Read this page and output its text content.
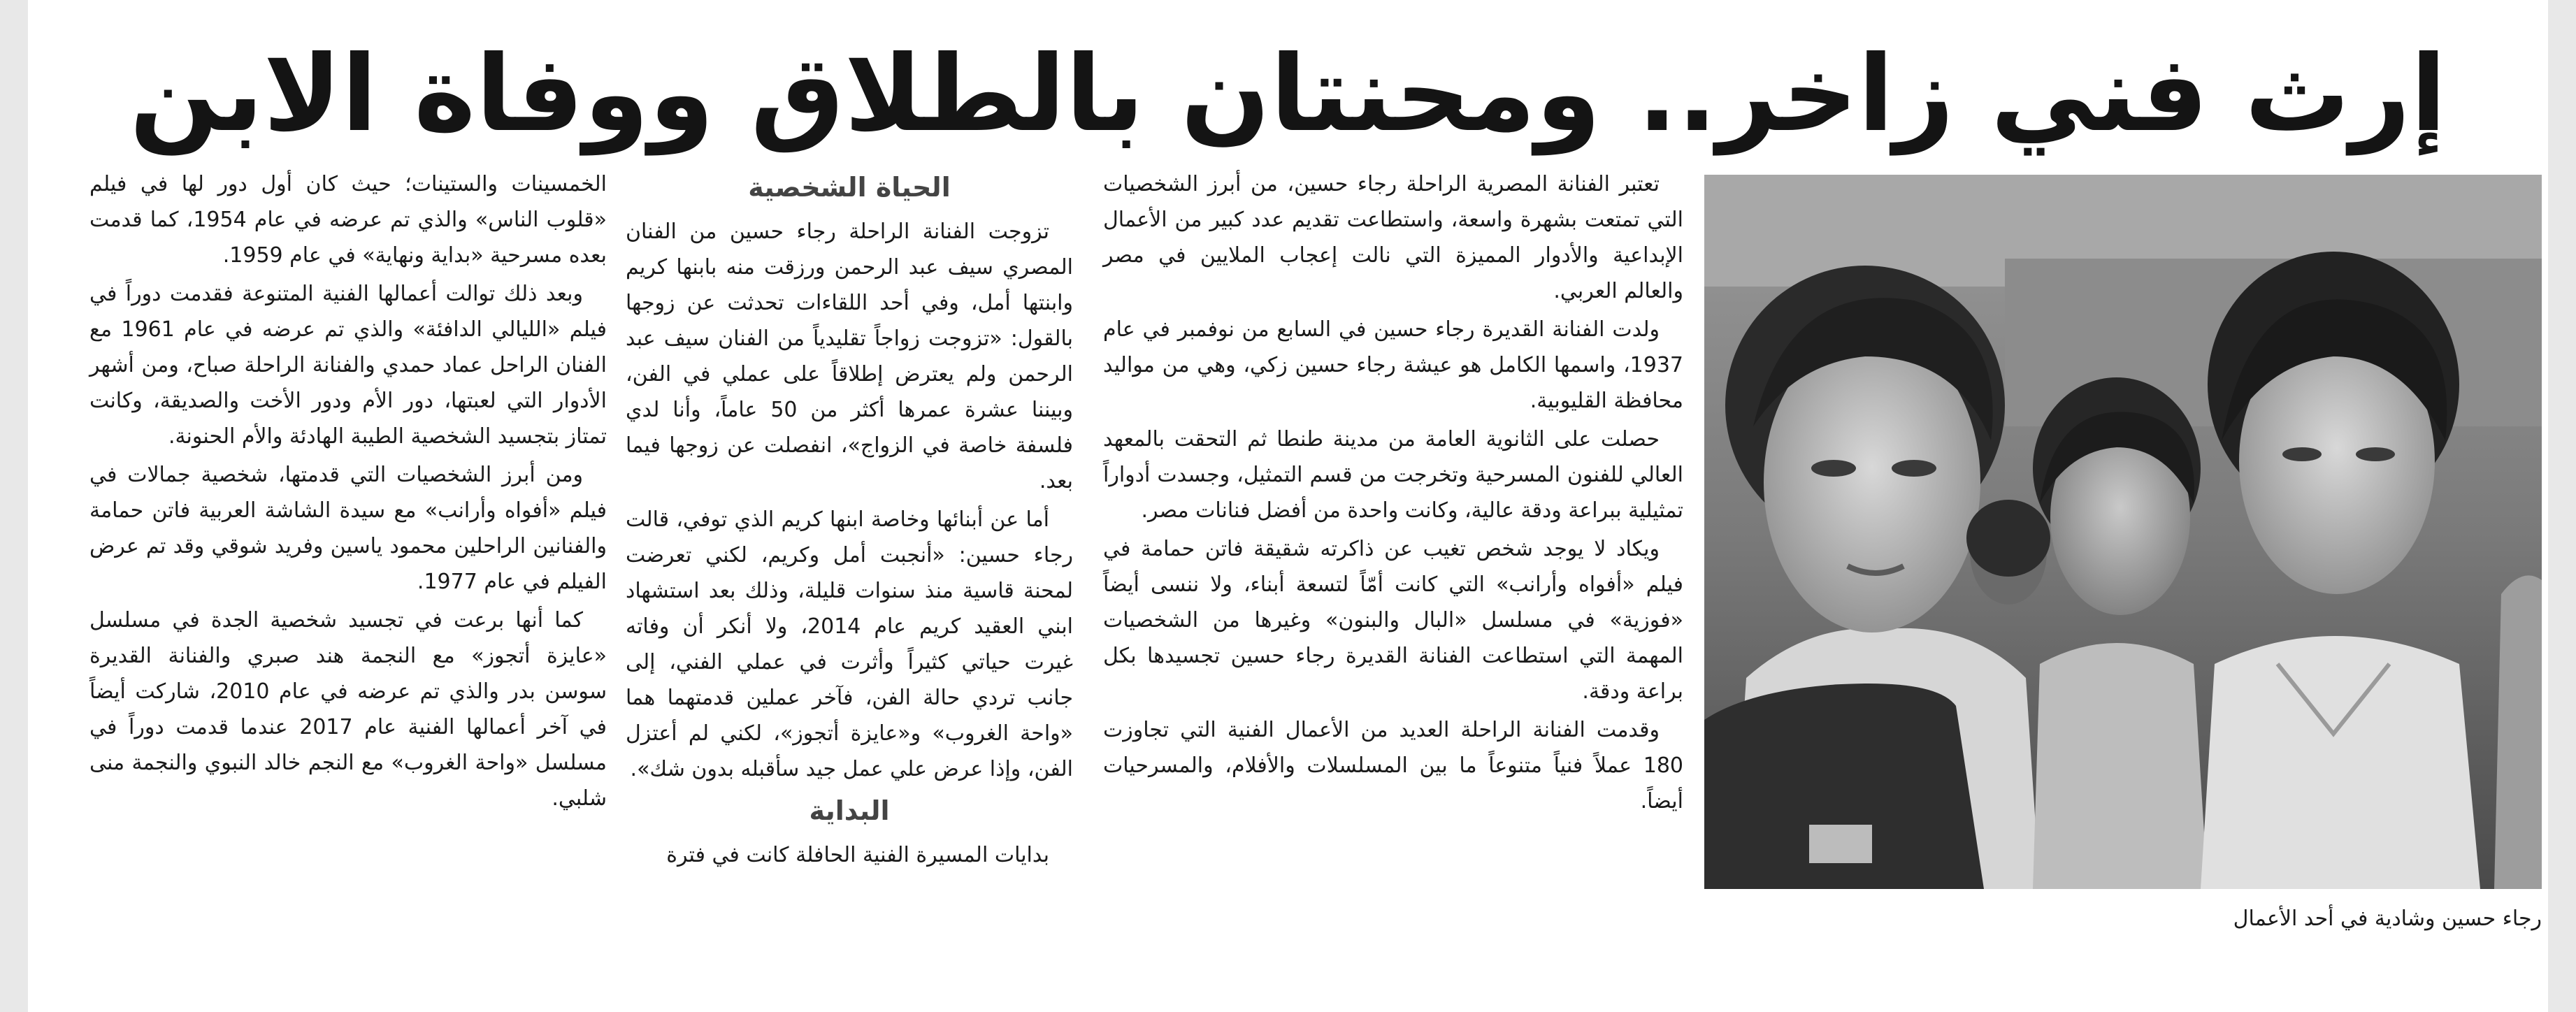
إرث فني زاخر.. ومحنتان بالطلاق ووفاة الابن
رجاء حسين وشادية في أحد الأعمال

تعتبر الفنانة المصرية الراحلة رجاء حسين، من أبرز الشخصيات التي تمتعت بشهرة واسعة، واستطاعت تقديم عدد كبير من الأعمال الإبداعية والأدوار المميزة التي نالت إعجاب الملايين في مصر والعالم العربي.

ولدت الفنانة القديرة رجاء حسين في السابع من نوفمبر في عام 1937، واسمها الكامل هو عيشة رجاء حسين زكي، وهي من مواليد محافظة القليوبية.

حصلت على الثانوية العامة من مدينة طنطا ثم التحقت بالمعهد العالي للفنون المسرحية وتخرجت من قسم التمثيل، وجسدت أدواراً تمثيلية ببراعة ودقة عالية، وكانت واحدة من أفضل فنانات مصر.

ويكاد لا يوجد شخص تغيب عن ذاكرته شقيقة فاتن حمامة في فيلم «أفواه وأرانب» التي كانت أمّاً لتسعة أبناء، ولا ننسى أيضاً «فوزية» في مسلسل «البال والبنون» وغيرها من الشخصيات المهمة التي استطاعت الفنانة القديرة رجاء حسين تجسيدها بكل براعة ودقة.

وقدمت الفنانة الراحلة العديد من الأعمال الفنية التي تجاوزت 180 عملاً فنياً متنوعاً ما بين المسلسلات والأفلام، والمسرحيات أيضاً.

الحياة الشخصية

تزوجت الفنانة الراحلة رجاء حسين من الفنان المصري سيف عبد الرحمن ورزقت منه بابنها كريم وابنتها أمل، وفي أحد اللقاءات تحدثت عن زوجها بالقول: «تزوجت زواجاً تقليدياً من الفنان سيف عبد الرحمن ولم يعترض إطلاقاً على عملي في الفن، وبيننا عشرة عمرها أكثر من 50 عاماً، وأنا لدي فلسفة خاصة في الزواج»، انفصلت عن زوجها فيما بعد.

أما عن أبنائها وخاصة ابنها كريم الذي توفي، قالت رجاء حسين: «أنجبت أمل وكريم، لكني تعرضت لمحنة قاسية منذ سنوات قليلة، وذلك بعد استشهاد ابني العقيد كريم عام 2014، ولا أنكر أن وفاته غيرت حياتي كثيراً وأثرت في عملي الفني، إلى جانب تردي حالة الفن، فآخر عملين قدمتهما هما «واحة الغروب» و«عايزة أتجوز»، لكني لم أعتزل الفن، وإذا عرض علي عمل جيد سأقبله بدون شك».

البداية

بدايات المسيرة الفنية الحافلة كانت في فترة

الخمسينات والستينات؛ حيث كان أول دور لها في فيلم «قلوب الناس» والذي تم عرضه في عام 1954، كما قدمت بعده مسرحية «بداية ونهاية» في عام 1959.

وبعد ذلك توالت أعمالها الفنية المتنوعة فقدمت دوراً في فيلم «الليالي الدافئة» والذي تم عرضه في عام 1961 مع الفنان الراحل عماد حمدي والفنانة الراحلة صباح، ومن أشهر الأدوار التي لعبتها، دور الأم ودور الأخت والصديقة، وكانت تمتاز بتجسيد الشخصية الطيبة الهادئة والأم الحنونة.

ومن أبرز الشخصيات التي قدمتها، شخصية جمالات في فيلم «أفواه وأرانب» مع سيدة الشاشة العربية فاتن حمامة والفنانين الراحلين محمود ياسين وفريد شوقي وقد تم عرض الفيلم في عام 1977.

كما أنها برعت في تجسيد شخصية الجدة في مسلسل «عايزة أتجوز» مع النجمة هند صبري والفنانة القديرة سوسن بدر والذي تم عرضه في عام 2010، شاركت أيضاً في آخر أعمالها الفنية عام 2017 عندما قدمت دوراً في مسلسل «واحة الغروب» مع النجم خالد النبوي والنجمة منى شلبي.
